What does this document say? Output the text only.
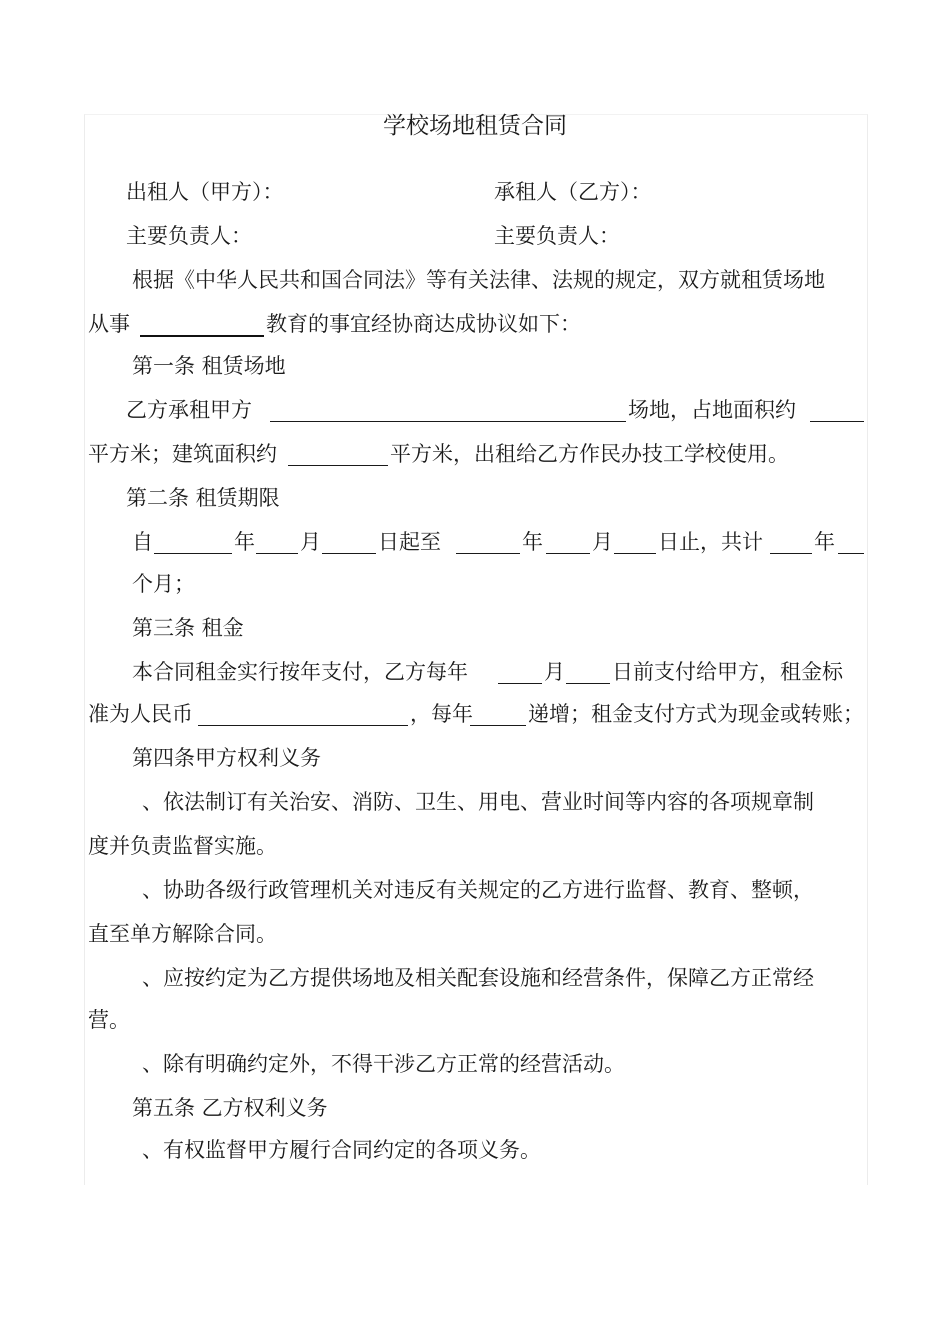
学校场地租赁合同
出租人（甲方）：	承租人（乙方）：
主要负责人：	主要负责人：
根据《中华人民共和国合同法》等有关法律、法规的规定，双方就租赁场地
从事	教育的事宜经协商达成协议如下：
第一条 租赁场地
乙方承租甲方	场地，占地面积约
平方米；建筑面积约	平方米，出租给乙方作民办技工学校使用。
第二条 租赁期限
自	年 月	日起至	年 月 日止，共计 年
个月；
第三条 租金
本合同租金实行按年支付，乙方每年	月 日前支付给甲方，租金标
准为人民币	，每年	递增；租金支付方式为现金或转账；
第四条甲方权利义务
、依法制订有关治安、消防、卫生、用电、营业时间等内容的各项规章制
度并负责监督实施。
、协助各级行政管理机关对违反有关规定的乙方进行监督、教育、整顿，
直至单方解除合同。
、应按约定为乙方提供场地及相关配套设施和经营条件，保障乙方正常经
营。
、除有明确约定外，不得干涉乙方正常的经营活动。
第五条 乙方权利义务
、有权监督甲方履行合同约定的各项义务。
